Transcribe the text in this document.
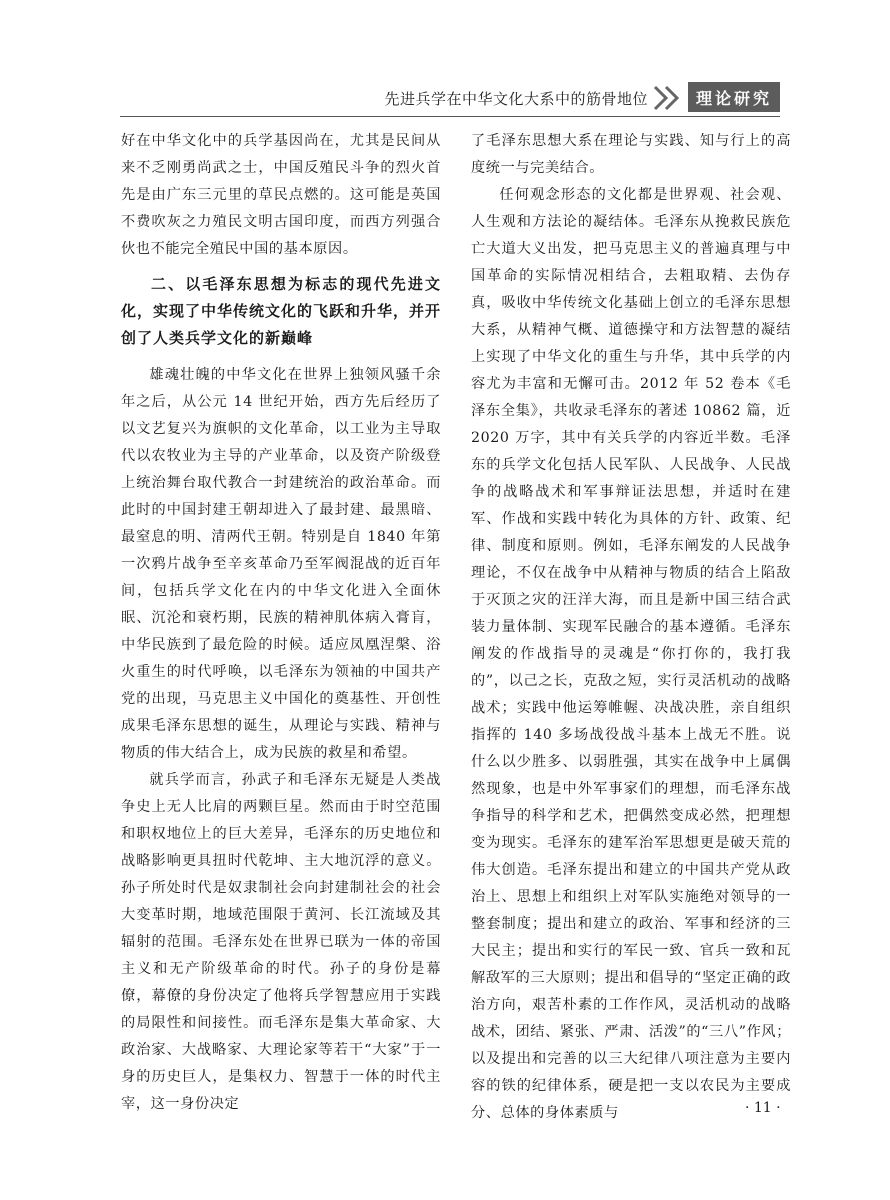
先进兵学在中华文化大系中的筋骨地位	理论研究

好在中华文化中的兵学基因尚在，尤其是民间从来不乏刚勇尚武之士，中国反殖民斗争的烈火首先是由广东三元里的草民点燃的。这可能是英国不费吹灰之力殖民文明古国印度，而西方列强合伙也不能完全殖民中国的基本原因。

二、以毛泽东思想为标志的现代先进文化，实现了中华传统文化的飞跃和升华，并开创了人类兵学文化的新巅峰

雄魂壮魄的中华文化在世界上独领风骚千余年之后，从公元 14 世纪开始，西方先后经历了以文艺复兴为旗帜的文化革命，以工业为主导取代以农牧业为主导的产业革命，以及资产阶级登上统治舞台取代教合一封建统治的政治革命。而此时的中国封建王朝却进入了最封建、最黑暗、最窒息的明、清两代王朝。特别是自 1840 年第一次鸦片战争至辛亥革命乃至军阀混战的近百年间，包括兵学文化在内的中华文化进入全面休眠、沉沦和衰朽期，民族的精神肌体病入膏肓，中华民族到了最危险的时候。适应凤凰涅槃、浴火重生的时代呼唤，以毛泽东为领袖的中国共产党的出现，马克思主义中国化的奠基性、开创性成果毛泽东思想的诞生，从理论与实践、精神与物质的伟大结合上，成为民族的救星和希望。

就兵学而言，孙武子和毛泽东无疑是人类战争史上无人比肩的两颗巨星。然而由于时空范围和职权地位上的巨大差异，毛泽东的历史地位和战略影响更具扭时代乾坤、主大地沉浮的意义。孙子所处时代是奴隶制社会向封建制社会的社会大变革时期，地域范围限于黄河、长江流域及其辐射的范围。毛泽东处在世界已联为一体的帝国主义和无产阶级革命的时代。孙子的身份是幕僚，幕僚的身份决定了他将兵学智慧应用于实践的局限性和间接性。而毛泽东是集大革命家、大政治家、大战略家、大理论家等若干“大家”于一身的历史巨人，是集权力、智慧于一体的时代主宰，这一身份决定

了毛泽东思想大系在理论与实践、知与行上的高度统一与完美结合。

任何观念形态的文化都是世界观、社会观、人生观和方法论的凝结体。毛泽东从挽救民族危亡大道大义出发，把马克思主义的普遍真理与中国革命的实际情况相结合，去粗取精、去伪存真，吸收中华传统文化基础上创立的毛泽东思想大系，从精神气概、道德操守和方法智慧的凝结上实现了中华文化的重生与升华，其中兵学的内容尤为丰富和无懈可击。2012 年 52 卷本《毛泽东全集》，共收录毛泽东的著述 10862 篇，近 2020 万字，其中有关兵学的内容近半数。毛泽东的兵学文化包括人民军队、人民战争、人民战争的战略战术和军事辩证法思想，并适时在建军、作战和实践中转化为具体的方针、政策、纪律、制度和原则。例如，毛泽东阐发的人民战争理论，不仅在战争中从精神与物质的结合上陷敌于灭顶之灾的汪洋大海，而且是新中国三结合武装力量体制、实现军民融合的基本遵循。毛泽东阐发的作战指导的灵魂是“你打你的，我打我的”，以己之长，克敌之短，实行灵活机动的战略战术；实践中他运筹帷幄、决战决胜，亲自组织指挥的 140 多场战役战斗基本上战无不胜。说什么以少胜多、以弱胜强，其实在战争中上属偶然现象，也是中外军事家们的理想，而毛泽东战争指导的科学和艺术，把偶然变成必然，把理想变为现实。毛泽东的建军治军思想更是破天荒的伟大创造。毛泽东提出和建立的中国共产党从政治上、思想上和组织上对军队实施绝对领导的一整套制度；提出和建立的政治、军事和经济的三大民主；提出和实行的军民一致、官兵一致和瓦解敌军的三大原则；提出和倡导的“坚定正确的政治方向，艰苦朴素的工作作风，灵活机动的战略战术，团结、紧张、严肃、活泼”的“三八”作风；以及提出和完善的以三大纪律八项注意为主要内容的铁的纪律体系，硬是把一支以农民为主要成分、总体的身体素质与	· 11 ·
